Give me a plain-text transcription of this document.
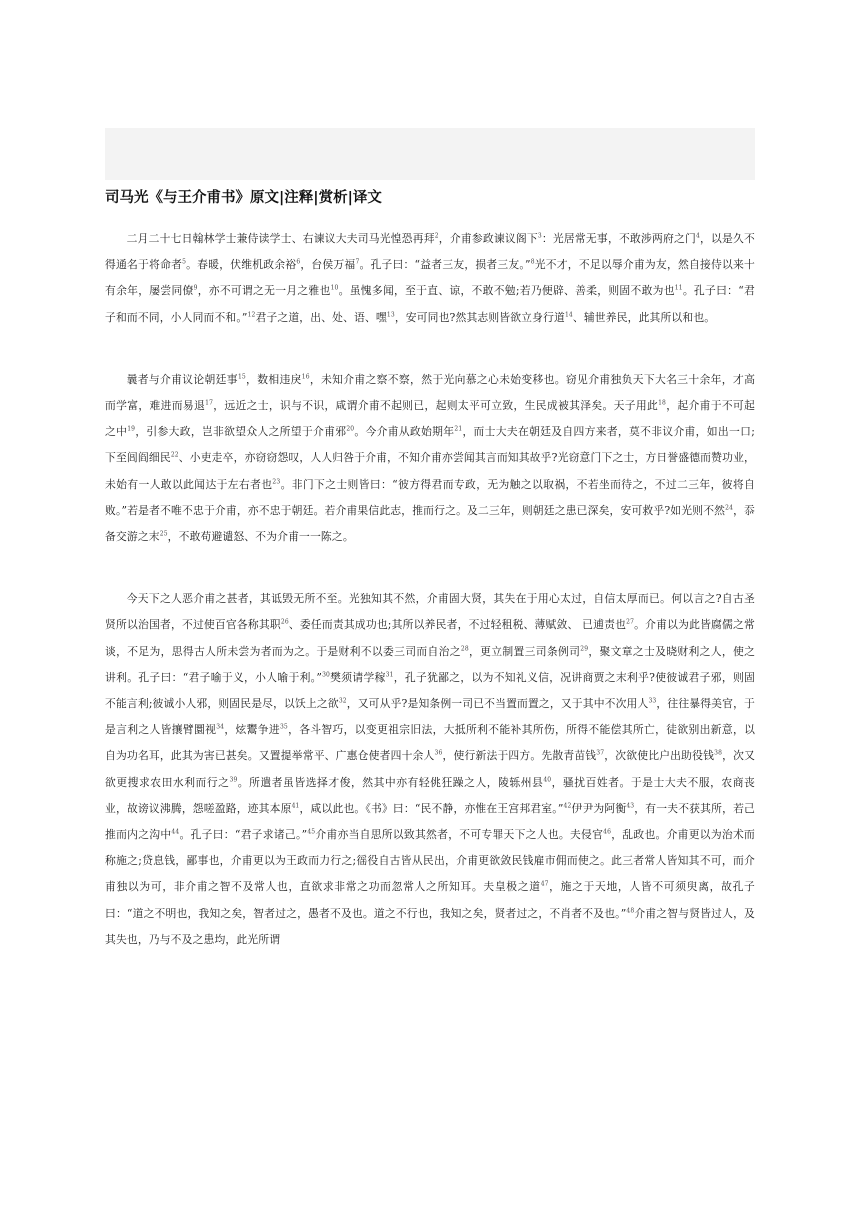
司马光《与王介甫书》原文|注释|赏析|译文

二月二十七日翰林学士兼侍读学士、右谏议大夫司马光惶恐再拜$^2$，介甫参政谏议阁下$^3$：光居常无事，不敢涉两府之门$^4$，以是久不得通名于将命者$^5$。春暖，伏维机政余裕$^6$，台侯万福$^7$。孔子曰：“益者三友，损者三友。”$^8$光不才，不足以辱介甫为友，然自接侍以来十有余年，屡尝同僚$^9$，亦不可谓之无一月之雅也$^{10}$。虽愧多闻，至于直、谅，不敢不勉;若乃便辟、善柔，则固不敢为也$^{11}$。孔子曰：“君子和而不同，小人同而不和。”$^{12}$君子之道，出、处、语、嘿$^{13}$，安可同也?然其志则皆欲立身行道$^{14}$、辅世养民，此其所以和也。

曩者与介甫议论朝廷事$^{15}$，数相违戾$^{16}$，未知介甫之察不察，然于光向慕之心未始变移也。窃见介甫独负天下大名三十余年，才高而学富，难进而易退$^{17}$，远近之士，识与不识，咸谓介甫不起则已，起则太平可立致，生民成被其泽矣。天子用此$^{18}$，起介甫于不可起之中$^{19}$，引参大政，岂非欲望众人之所望于介甫邪$^{20}$。今介甫从政始期年$^{21}$，而士大夫在朝廷及自四方来者，莫不非议介甫，如出一口;下至闾阎细民$^{22}$、小吏走卒，亦窃窃怨叹，人人归咎于介甫，不知介甫亦尝闻其言而知其故乎?光窃意门下之士，方日誉盛德而赞功业，未始有一人敢以此闻达于左右者也$^{23}$。非门下之士则皆曰：“彼方得君而专政，无为触之以取祸，不若坐而待之，不过二三年，彼将自败。”若是者不唯不忠于介甫，亦不忠于朝廷。若介甫果信此志，推而行之。及二三年，则朝廷之患已深矣，安可救乎?如光则不然$^{24}$，忝备交游之末$^{25}$，不敢苟避谴怒、不为介甫一一陈之。

今天下之人恶介甫之甚者，其诋毁无所不至。光独知其不然，介甫固大贤，其失在于用心太过，自信太厚而已。何以言之?自古圣贤所以治国者，不过使百官各称其职$^{26}$、委任而责其成功也;其所以养民者，不过轻租税、薄赋敛、 已逋责也$^{27}$。介甫以为此皆腐儒之常谈，不足为，思得古人所未尝为者而为之。于是财利不以委三司而自治之$^{28}$，更立制置三司条例司$^{29}$，聚文章之士及晓财利之人，使之讲利。孔子曰：“君子喻于义，小人喻于利。”$^{30}$樊须请学稼$^{31}$，孔子犹鄙之，以为不知礼义信，况讲商贾之末利乎?使彼诚君子邪，则固不能言利;彼诚小人邪，则固民是尽，以饫上之欲$^{32}$，又可从乎?是知条例一司已不当置而置之，又于其中不次用人$^{33}$，往往暴得美官，于是言利之人皆攘臂圜视$^{34}$，炫鬻争进$^{35}$，各斗智巧，以变更祖宗旧法，大抵所利不能补其所伤，所得不能偿其所亡，徒欲别出新意，以自为功名耳，此其为害已甚矣。又置提举常平、广惠仓使者四十余人$^{36}$，使行新法于四方。先散青苗钱$^{37}$，次欲使比户出助役钱$^{38}$，次又欲更搜求农田水利而行之$^{39}$。所遣者虽皆选择才俊，然其中亦有轻佻狂躁之人，陵轹州县$^{40}$，骚扰百姓者。于是士大夫不服，农商丧业，故谤议沸腾，怨嗟盈路，迹其本原$^{41}$，咸以此也。《书》曰：“民不静，亦惟在王宫邦君室。”$^{42}$伊尹为阿衡$^{43}$，有一夫不获其所，若己推而内之沟中$^{44}$。孔子曰：“君子求诸己。”$^{45}$介甫亦当自思所以致其然者，不可专罪天下之人也。夫侵官$^{46}$，乱政也。介甫更以为治术而称施之;贷息钱，鄙事也，介甫更以为王政而力行之;徭役自古皆从民出，介甫更欲敛民钱雇市佣而使之。此三者常人皆知其不可，而介甫独以为可，非介甫之智不及常人也，直欲求非常之功而忽常人之所知耳。夫皇极之道$^{47}$，施之于天地，人皆不可须臾离，故孔子曰：“道之不明也，我知之矣，智者过之，愚者不及也。道之不行也，我知之矣，贤者过之，不肖者不及也。”$^{48}$介甫之智与贤皆过人，及其失也，乃与不及之患均，此光所谓
